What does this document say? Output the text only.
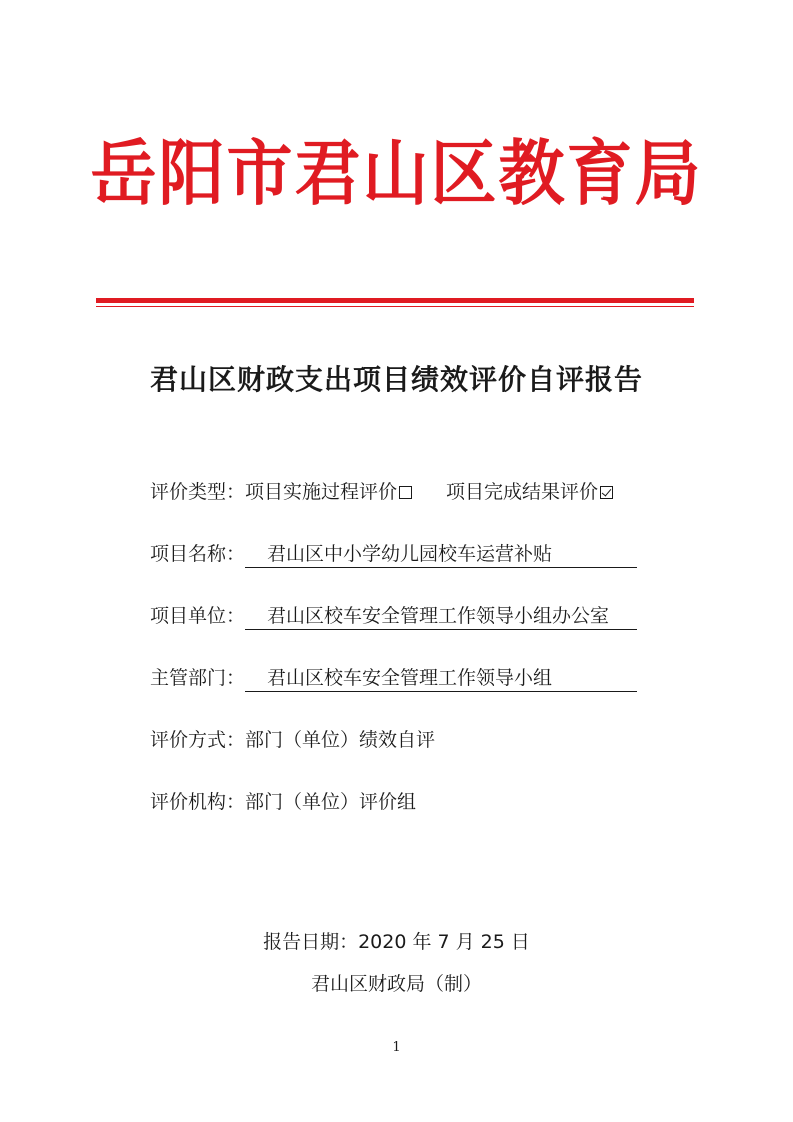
岳阳市君山区教育局
君山区财政支出项目绩效评价自评报告
评价类型：项目实施过程评价	项目完成结果评价
项目名称： 君山区中小学幼儿园校车运营补贴
项目单位： 君山区校车安全管理工作领导小组办公室
主管部门： 君山区校车安全管理工作领导小组
评价方式：部门（单位）绩效自评
评价机构：部门（单位）评价组
报告日期：2020 年 7 月 25 日
君山区财政局（制）
1
